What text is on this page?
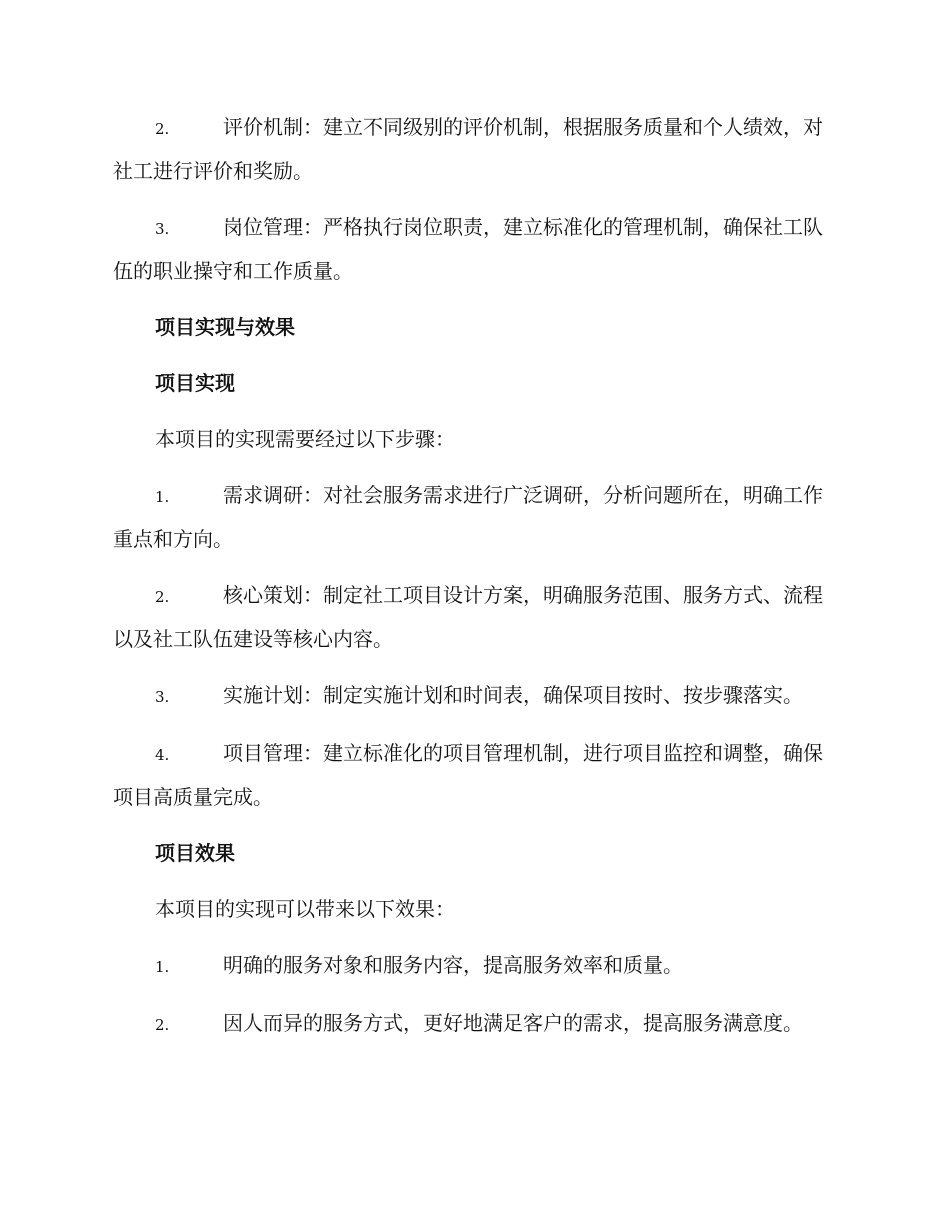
2.	评价机制：建立不同级别的评价机制，根据服务质量和个人绩效，对社工进行评价和奖励。
3.	岗位管理：严格执行岗位职责，建立标准化的管理机制，确保社工队伍的职业操守和工作质量。
项目实现与效果
项目实现
本项目的实现需要经过以下步骤：
1.	需求调研：对社会服务需求进行广泛调研，分析问题所在，明确工作重点和方向。
2.	核心策划：制定社工项目设计方案，明确服务范围、服务方式、流程以及社工队伍建设等核心内容。
3.	实施计划：制定实施计划和时间表，确保项目按时、按步骤落实。
4.	项目管理：建立标准化的项目管理机制，进行项目监控和调整，确保项目高质量完成。
项目效果
本项目的实现可以带来以下效果：
1.	明确的服务对象和服务内容，提高服务效率和质量。
2.	因人而异的服务方式，更好地满足客户的需求，提高服务满意度。
